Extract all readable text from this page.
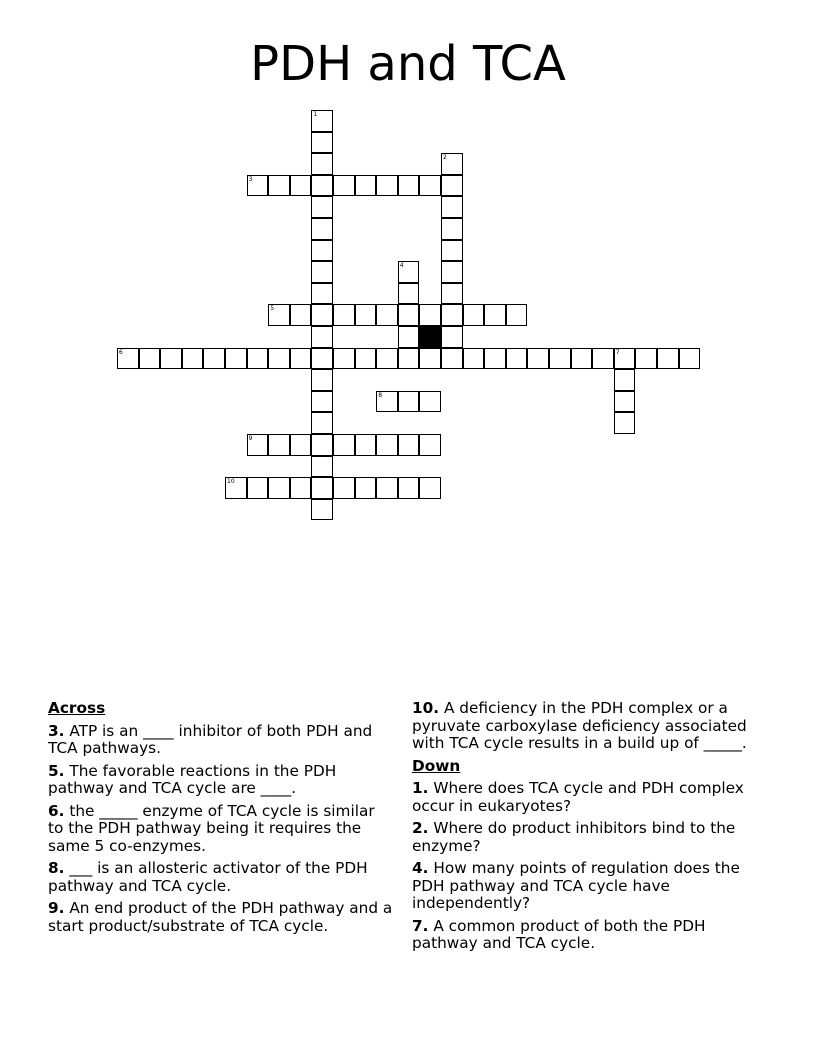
PDH and TCA
1
2
3
4
5
6	7
8
9
10
Across
3. ATP is an ____ inhibitor of both PDH and TCA pathways.
5. The favorable reactions in the PDH pathway and TCA cycle are ____.
6. the _____ enzyme of TCA cycle is similar to the PDH pathway being it requires the same 5 co-enzymes.
8. ___ is an allosteric activator of the PDH pathway and TCA cycle.
9. An end product of the PDH pathway and a start product/substrate of TCA cycle.
10. A deficiency in the PDH complex or a pyruvate carboxylase deficiency associated with TCA cycle results in a build up of _____.
Down
1. Where does TCA cycle and PDH complex occur in eukaryotes?
2. Where do product inhibitors bind to the enzyme?
4. How many points of regulation does the PDH pathway and TCA cycle have independently?
7. A common product of both the PDH pathway and TCA cycle.
